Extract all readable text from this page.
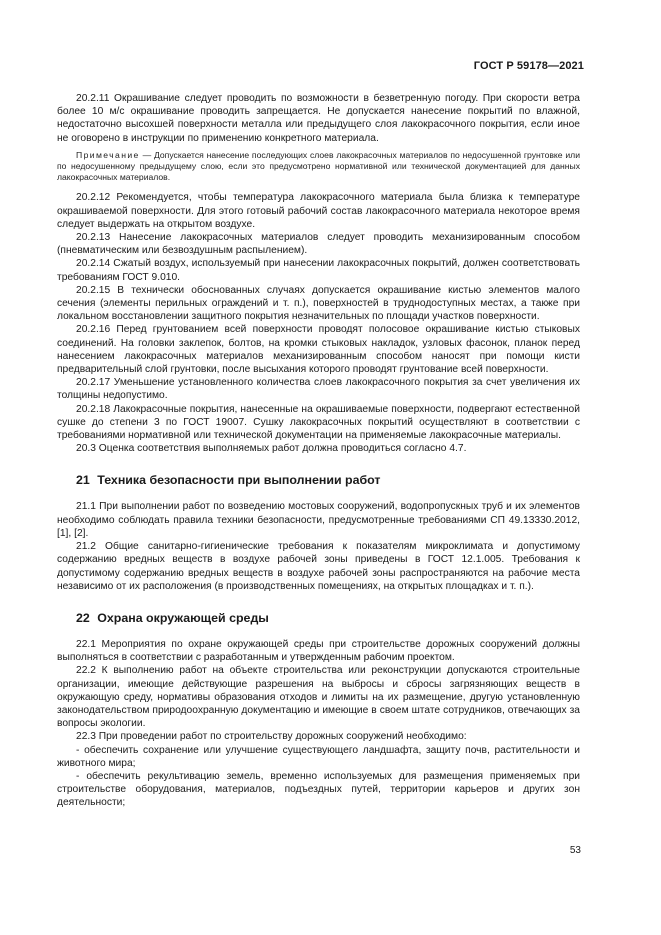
ГОСТ Р 59178—2021

20.2.11 Окрашивание следует проводить по возможности в безветренную погоду. При скорости ветра более 10 м/с окрашивание проводить запрещается. Не допускается нанесение покрытий по влажной, недостаточно высохшей поверхности металла или предыдущего слоя лакокрасочного покрытия, если иное не оговорено в инструкции по применению конкретного материала.

Примечание — Допускается нанесение последующих слоев лакокрасочных материалов по недосушенной грунтовке или по недосушенному предыдущему слою, если это предусмотрено нормативной или технической документацией для данных лакокрасочных материалов.

20.2.12 Рекомендуется, чтобы температура лакокрасочного материала была близка к температуре окрашиваемой поверхности. Для этого готовый рабочий состав лакокрасочного материала некоторое время следует выдержать на открытом воздухе.

20.2.13 Нанесение лакокрасочных материалов следует проводить механизированным способом (пневматическим или безвоздушным распылением).

20.2.14 Сжатый воздух, используемый при нанесении лакокрасочных покрытий, должен соответствовать требованиям ГОСТ 9.010.

20.2.15 В технически обоснованных случаях допускается окрашивание кистью элементов малого сечения (элементы перильных ограждений и т. п.), поверхностей в труднодоступных местах, а также при локальном восстановлении защитного покрытия незначительных по площади участков поверхности.

20.2.16 Перед грунтованием всей поверхности проводят полосовое окрашивание кистью стыковых соединений. На головки заклепок, болтов, на кромки стыковых накладок, узловых фасонок, планок перед нанесением лакокрасочных материалов механизированным способом наносят при помощи кисти предварительный слой грунтовки, после высыхания которого проводят грунтование всей поверхности.

20.2.17 Уменьшение установленного количества слоев лакокрасочного покрытия за счет увеличения их толщины недопустимо.

20.2.18 Лакокрасочные покрытия, нанесенные на окрашиваемые поверхности, подвергают естественной сушке до степени 3 по ГОСТ 19007. Сушку лакокрасочных покрытий осуществляют в соответствии с требованиями нормативной или технической документации на применяемые лакокрасочные материалы.

20.3 Оценка соответствия выполняемых работ должна проводиться согласно 4.7.

21 Техника безопасности при выполнении работ

21.1 При выполнении работ по возведению мостовых сооружений, водопропускных труб и их элементов необходимо соблюдать правила техники безопасности, предусмотренные требованиями СП 49.13330.2012, [1], [2].

21.2 Общие санитарно-гигиенические требования к показателям микроклимата и допустимому содержанию вредных веществ в воздухе рабочей зоны приведены в ГОСТ 12.1.005. Требования к допустимому содержанию вредных веществ в воздухе рабочей зоны распространяются на рабочие места независимо от их расположения (в производственных помещениях, на открытых площадках и т. п.).

22 Охрана окружающей среды

22.1 Мероприятия по охране окружающей среды при строительстве дорожных сооружений должны выполняться в соответствии с разработанным и утвержденным рабочим проектом.

22.2 К выполнению работ на объекте строительства или реконструкции допускаются строительные организации, имеющие действующие разрешения на выбросы и сбросы загрязняющих веществ в окружающую среду, нормативы образования отходов и лимиты на их размещение, другую установленную законодательством природоохранную документацию и имеющие в своем штате сотрудников, отвечающих за вопросы экологии.

22.3 При проведении работ по строительству дорожных сооружений необходимо:

- обеспечить сохранение или улучшение существующего ландшафта, защиту почв, растительности и животного мира;

- обеспечить рекультивацию земель, временно используемых для размещения применяемых при строительстве оборудования, материалов, подъездных путей, территории карьеров и других зон деятельности;

53
